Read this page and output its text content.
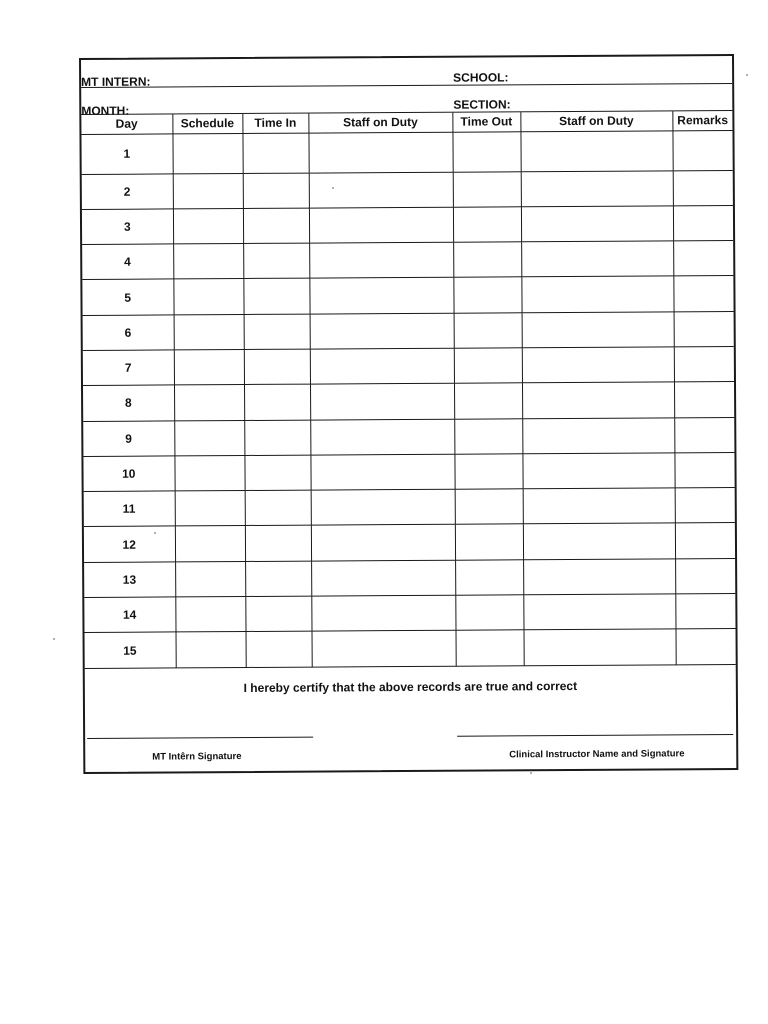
MT INTERN:	SCHOOL:
MONTH:	SECTION:
Day	Schedule	Time In	Staff on Duty	Time Out	Staff on Duty	Remarks
1						
2						
3						
4						
5						
6						
7						
8						
9						
10						
11						
12						
13						
14						
15						
I hereby certify that the above records are true and correct
MT Intêrn Signature	Clinical Instructor Name and Signature
